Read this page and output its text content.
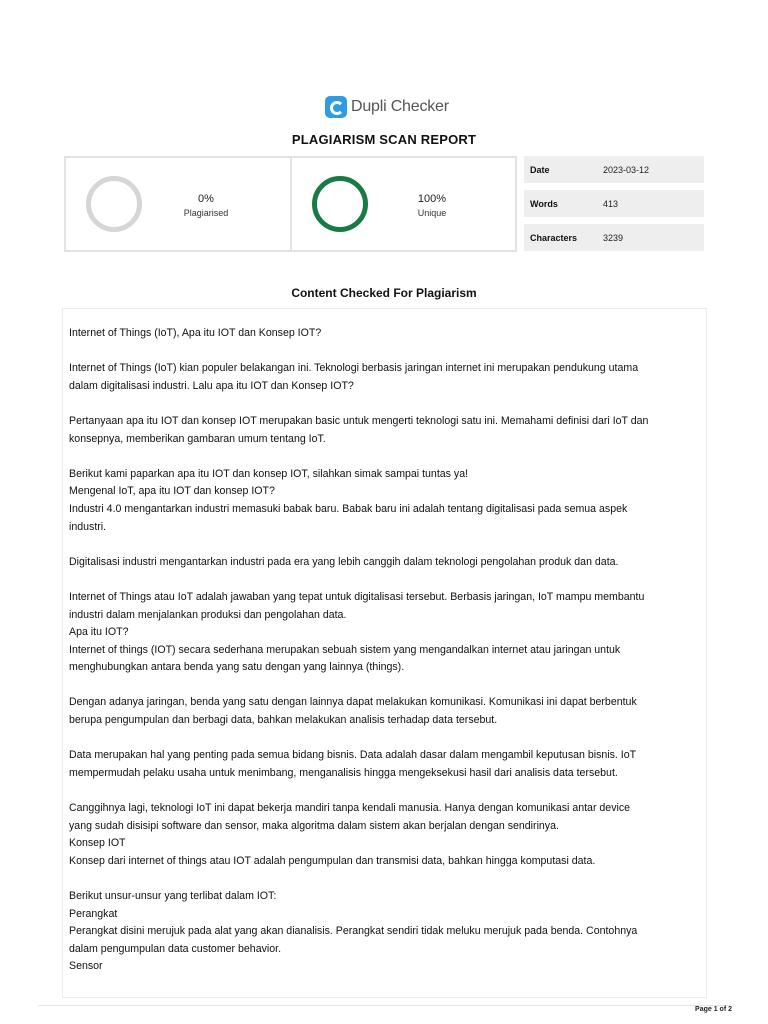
Dupli Checker
PLAGIARISM SCAN REPORT
0%
Plagiarised
100%
Unique
Date	2023-03-12
Words	413
Characters	3239
Content Checked For Plagiarism
Internet of Things (IoT), Apa itu IOT dan Konsep IOT?
Internet of Things (IoT) kian populer belakangan ini. Teknologi berbasis jaringan internet ini merupakan pendukung utama
dalam digitalisasi industri. Lalu apa itu IOT dan Konsep IOT?
Pertanyaan apa itu IOT dan konsep IOT merupakan basic untuk mengerti teknologi satu ini. Memahami definisi dari IoT dan
konsepnya, memberikan gambaran umum tentang IoT.
Berikut kami paparkan apa itu IOT dan konsep IOT, silahkan simak sampai tuntas ya!
Mengenal IoT, apa itu IOT dan konsep IOT?
Industri 4.0 mengantarkan industri memasuki babak baru. Babak baru ini adalah tentang digitalisasi pada semua aspek
industri.
Digitalisasi industri mengantarkan industri pada era yang lebih canggih dalam teknologi pengolahan produk dan data.
Internet of Things atau IoT adalah jawaban yang tepat untuk digitalisasi tersebut. Berbasis jaringan, IoT mampu membantu
industri dalam menjalankan produksi dan pengolahan data.
Apa itu IOT?
Internet of things (IOT) secara sederhana merupakan sebuah sistem yang mengandalkan internet atau jaringan untuk
menghubungkan antara benda yang satu dengan yang lainnya (things).
Dengan adanya jaringan, benda yang satu dengan lainnya dapat melakukan komunikasi. Komunikasi ini dapat berbentuk
berupa pengumpulan dan berbagi data, bahkan melakukan analisis terhadap data tersebut.
Data merupakan hal yang penting pada semua bidang bisnis. Data adalah dasar dalam mengambil keputusan bisnis. IoT
mempermudah pelaku usaha untuk menimbang, menganalisis hingga mengeksekusi hasil dari analisis data tersebut.
Canggihnya lagi, teknologi IoT ini dapat bekerja mandiri tanpa kendali manusia. Hanya dengan komunikasi antar device
yang sudah disisipi software dan sensor, maka algoritma dalam sistem akan berjalan dengan sendirinya.
Konsep IOT
Konsep dari internet of things atau IOT adalah pengumpulan dan transmisi data, bahkan hingga komputasi data.
Berikut unsur-unsur yang terlibat dalam IOT:
Perangkat
Perangkat disini merujuk pada alat yang akan dianalisis. Perangkat sendiri tidak meluku merujuk pada benda. Contohnya
dalam pengumpulan data customer behavior.
Sensor
Page 1 of 2
